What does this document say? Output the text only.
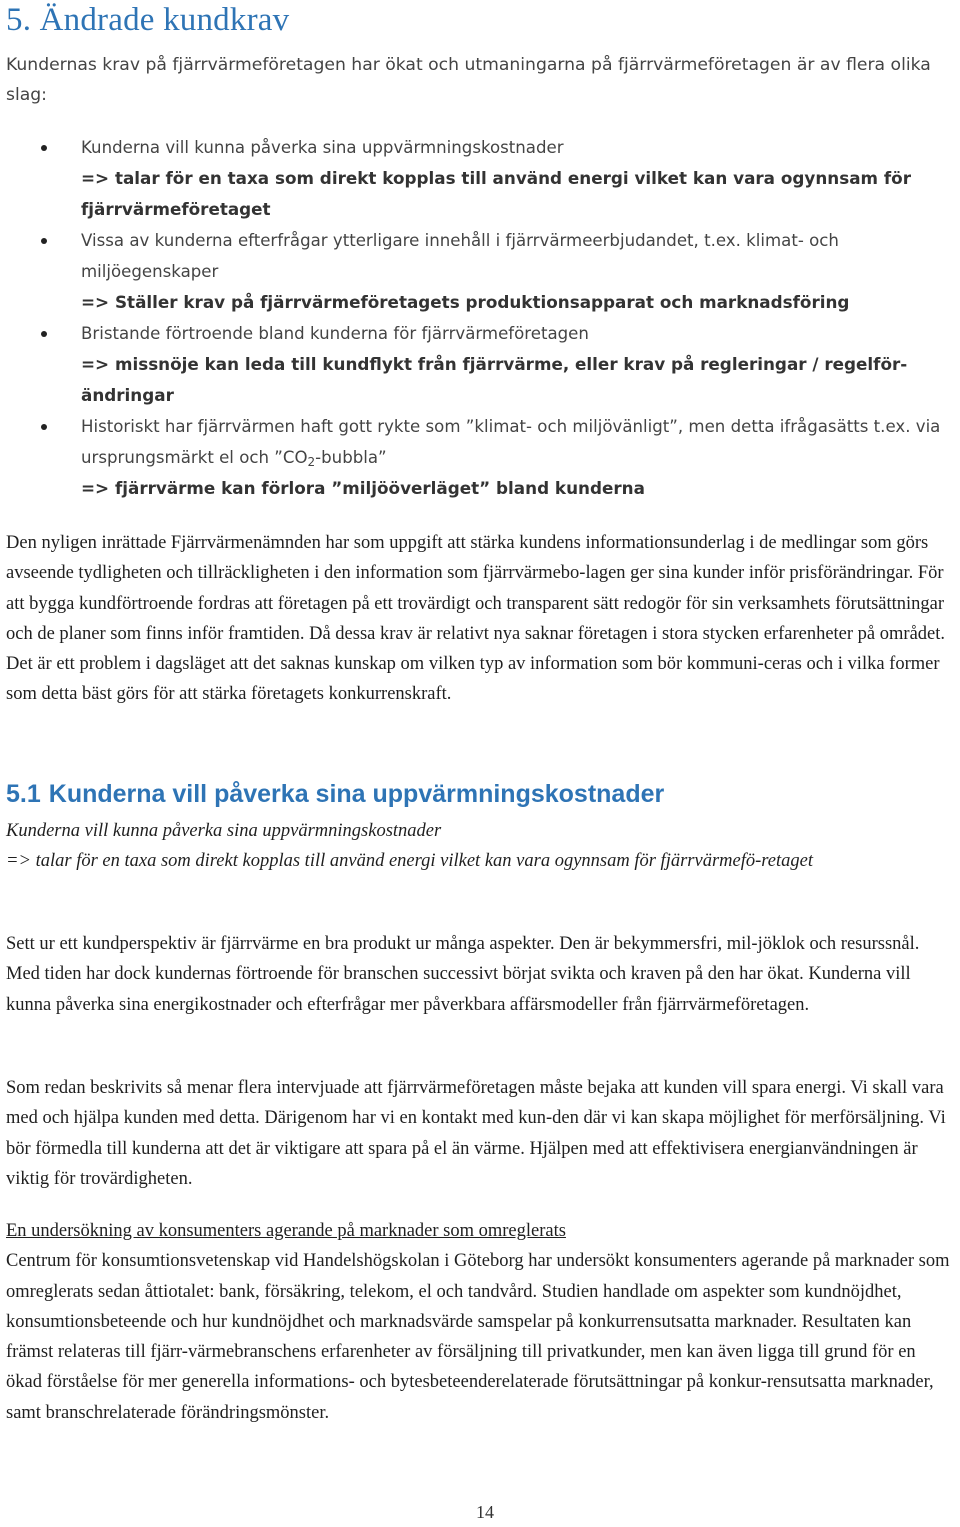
5. Ändrade kundkrav
Kundernas krav på fjärrvärmeföretagen har ökat och utmaningarna på fjärrvärmeföretagen är av flera olika slag:
Kunderna vill kunna påverka sina uppvärmningskostnader
=> talar för en taxa som direkt kopplas till använd energi vilket kan vara ogynnsam för fjärrvärmeföretaget
Vissa av kunderna efterfrågar ytterligare innehåll i fjärrvärmeerbjudandet, t.ex. klimat- och miljöegenskaper
=> Ställer krav på fjärrvärmeföretagets produktionsapparat och marknadsföring
Bristande förtroende bland kunderna för fjärrvärmeföretagen
=> missnöje kan leda till kundflykt från fjärrvärme, eller krav på regleringar / regelför-ändringar
Historiskt har fjärrvärmen haft gott rykte som ”klimat- och miljövänligt”, men detta ifrågasätts t.ex. via ursprungsmärkt el och $”CO_2$-bubbla”
=> fjärrvärme kan förlora ”miljööverläget” bland kunderna
Den nyligen inrättade Fjärrvärmenämnden har som uppgift att stärka kundens informationsunderlag i de medlingar som görs avseende tydligheten och tillräckligheten i den information som fjärrvärmebo-lagen ger sina kunder inför prisförändringar. För att bygga kundförtroende fordras att företagen på ett trovärdigt och transparent sätt redogör för sin verksamhets förutsättningar och de planer som finns inför framtiden. Då dessa krav är relativt nya saknar företagen i stora stycken erfarenheter på området. Det är ett problem i dagsläget att det saknas kunskap om vilken typ av information som bör kommuni-ceras och i vilka former som detta bäst görs för att stärka företagets konkurrenskraft.
5.1 Kunderna vill påverka sina uppvärmningskostnader
Kunderna vill kunna påverka sina uppvärmningskostnader
=> talar för en taxa som direkt kopplas till använd energi vilket kan vara ogynnsam för fjärrvärmefö-retaget
Sett ur ett kundperspektiv är fjärrvärme en bra produkt ur många aspekter. Den är bekymmersfri, mil-jöklok och resurssnål. Med tiden har dock kundernas förtroende för branschen successivt börjat svikta och kraven på den har ökat. Kunderna vill kunna påverka sina energikostnader och efterfrågar mer påverkbara affärsmodeller från fjärrvärmeföretagen.
Som redan beskrivits så menar flera intervjuade att fjärrvärmeföretagen måste bejaka att kunden vill spara energi. Vi skall vara med och hjälpa kunden med detta. Därigenom har vi en kontakt med kun-den där vi kan skapa möjlighet för merförsäljning. Vi bör förmedla till kunderna att det är viktigare att spara på el än värme. Hjälpen med att effektivisera energianvändningen är viktig för trovärdigheten.
En undersökning av konsumenters agerande på marknader som omreglerats
Centrum för konsumtionsvetenskap vid Handelshögskolan i Göteborg har undersökt konsumenters agerande på marknader som omreglerats sedan åttiotalet: bank, försäkring, telekom, el och tandvård. Studien handlade om aspekter som kundnöjdhet, konsumtionsbeteende och hur kundnöjdhet och marknadsvärde samspelar på konkurrensutsatta marknader. Resultaten kan främst relateras till fjärr-värmebranschens erfarenheter av försäljning till privatkunder, men kan även ligga till grund för en ökad förståelse för mer generella informations- och bytesbeteenderelaterade förutsättningar på konkur-rensutsatta marknader, samt branschrelaterade förändringsmönster.
14
